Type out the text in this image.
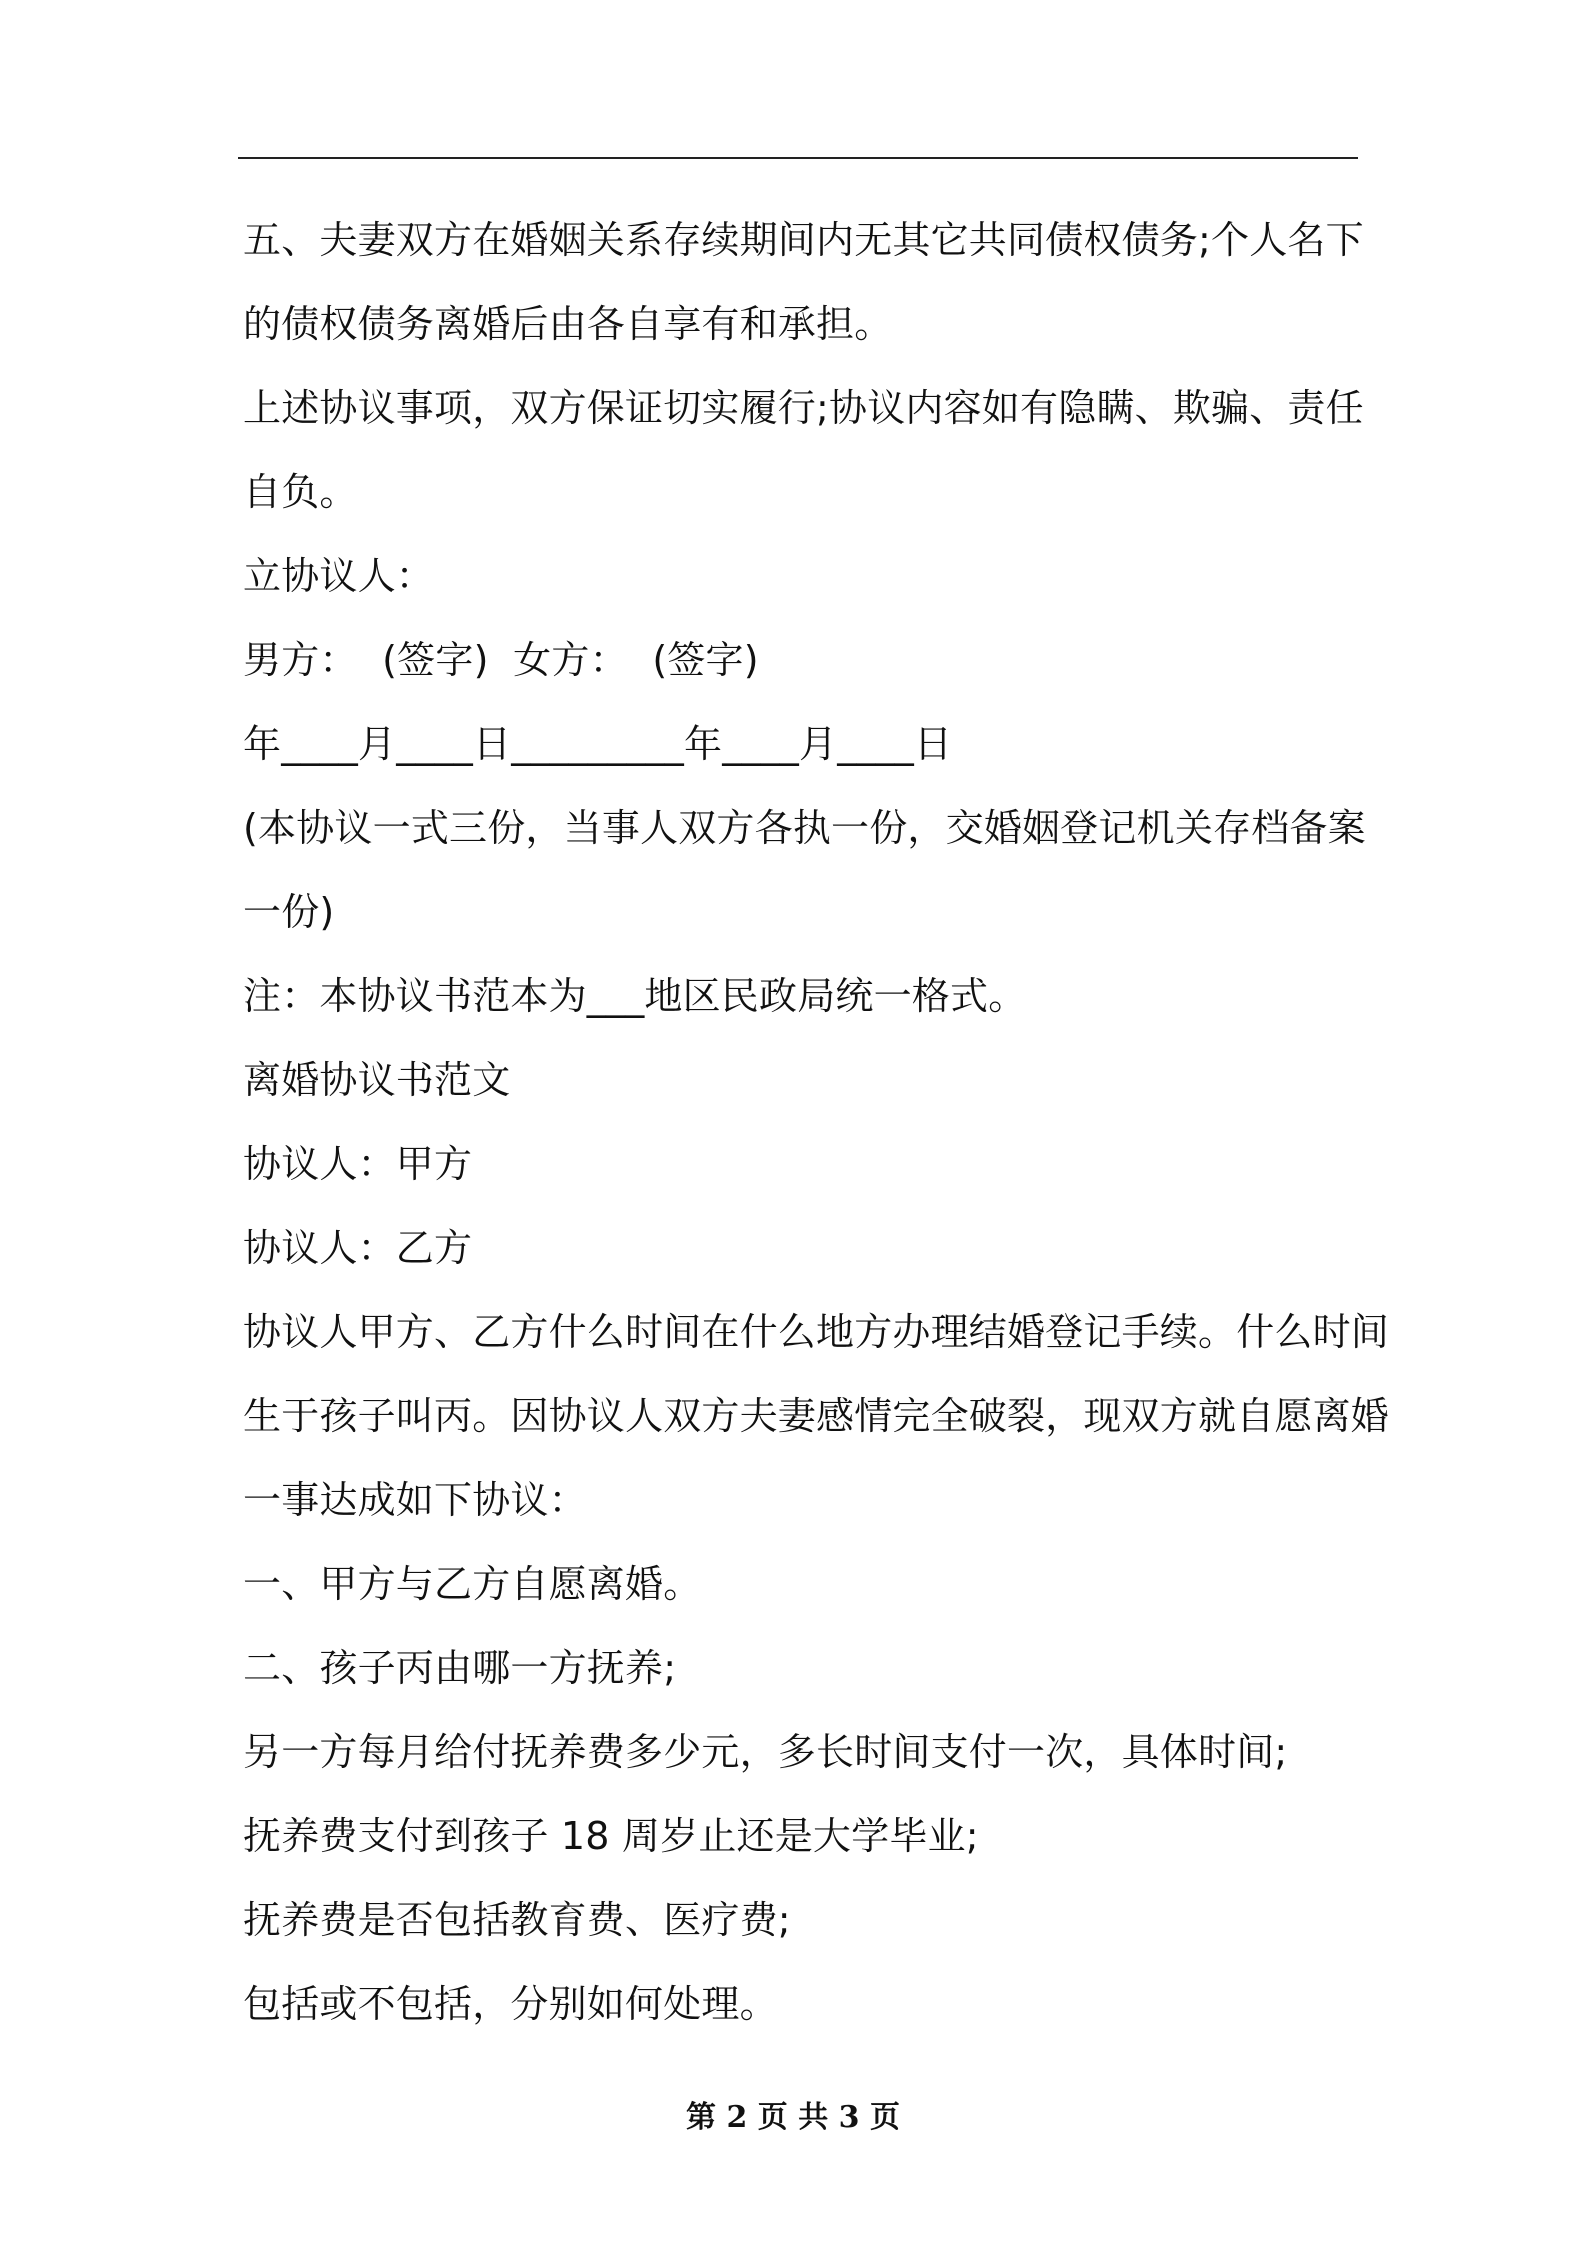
五、夫妻双方在婚姻关系存续期间内无其它共同债权债务;个人名下
的债权债务离婚后由各自享有和承担。
上述协议事项，双方保证切实履行;协议内容如有隐瞒、欺骗、责任
自负。
立协议人：
男方：  (签字)  女方：  (签字)
年____月____日_________年____月____日
(本协议一式三份，当事人双方各执一份，交婚姻登记机关存档备案
一份)
注：本协议书范本为___地区民政局统一格式。
离婚协议书范文
协议人：甲方
协议人：乙方
协议人甲方、乙方什么时间在什么地方办理结婚登记手续。什么时间
生于孩子叫丙。因协议人双方夫妻感情完全破裂，现双方就自愿离婚
一事达成如下协议：
一、甲方与乙方自愿离婚。
二、孩子丙由哪一方抚养;
另一方每月给付抚养费多少元，多长时间支付一次，具体时间;
抚养费支付到孩子 18 周岁止还是大学毕业;
抚养费是否包括教育费、医疗费;
包括或不包括，分别如何处理。
第 2 页 共 3 页
